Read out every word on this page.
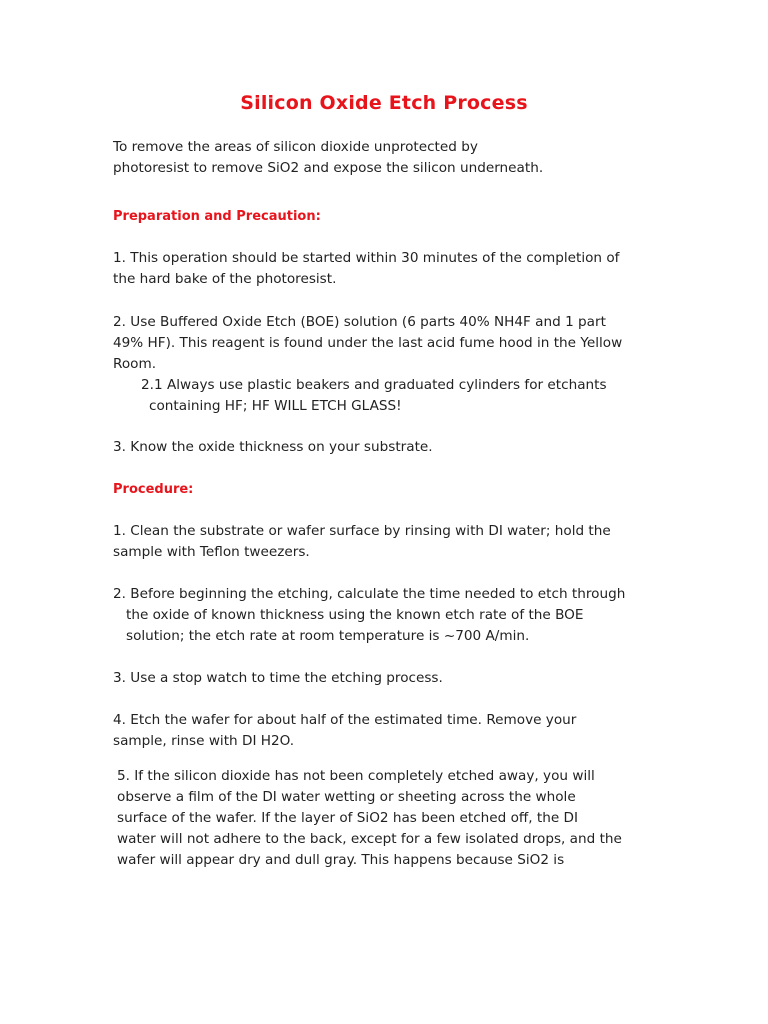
Silicon Oxide Etch Process
To remove the areas of silicon dioxide unprotected by
photoresist to remove SiO2 and expose the silicon underneath.
Preparation and Precaution:
1. This operation should be started within 30 minutes of the completion of
the hard bake of the photoresist.
2. Use Buffered Oxide Etch (BOE) solution (6 parts 40% NH4F and 1 part
49% HF). This reagent is found under the last acid fume hood in the Yellow
Room.
2.1 Always use plastic beakers and graduated cylinders for etchants
containing HF; HF WILL ETCH GLASS!
3. Know the oxide thickness on your substrate.
Procedure:
1. Clean the substrate or wafer surface by rinsing with DI water; hold the
sample with Teflon tweezers.
2. Before beginning the etching, calculate the time needed to etch through
the oxide of known thickness using the known etch rate of the BOE
solution; the etch rate at room temperature is ~700 A/min.
3. Use a stop watch to time the etching process.
4. Etch the wafer for about half of the estimated time. Remove your
sample, rinse with DI H2O.
5. If the silicon dioxide has not been completely etched away, you will
observe a film of the DI water wetting or sheeting across the whole
surface of the wafer. If the layer of SiO2 has been etched off, the DI
water will not adhere to the back, except for a few isolated drops, and the
wafer will appear dry and dull gray. This happens because SiO2 is
